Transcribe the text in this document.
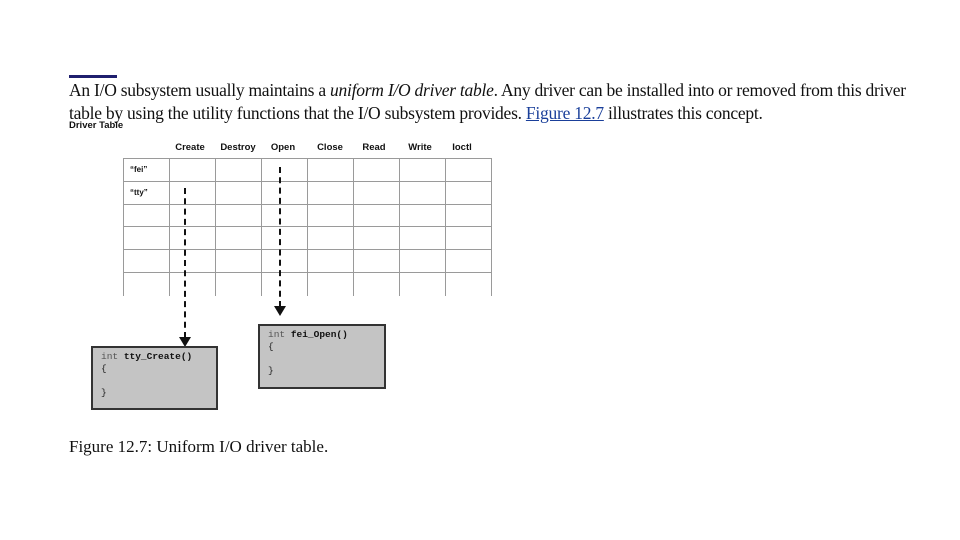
An I/O subsystem usually maintains a uniform I/O driver table. Any driver can be installed into or removed from this driver table by using the utility functions that the I/O subsystem provides. Figure 12.7 illustrates this concept.
Driver Table
Create	Destroy	Open	Close	Read	Write	Ioctl
“fei”							
“tty”							

int tty_Create()
{
}
int fei_Open()
{
}
Figure 12.7: Uniform I/O driver table.
